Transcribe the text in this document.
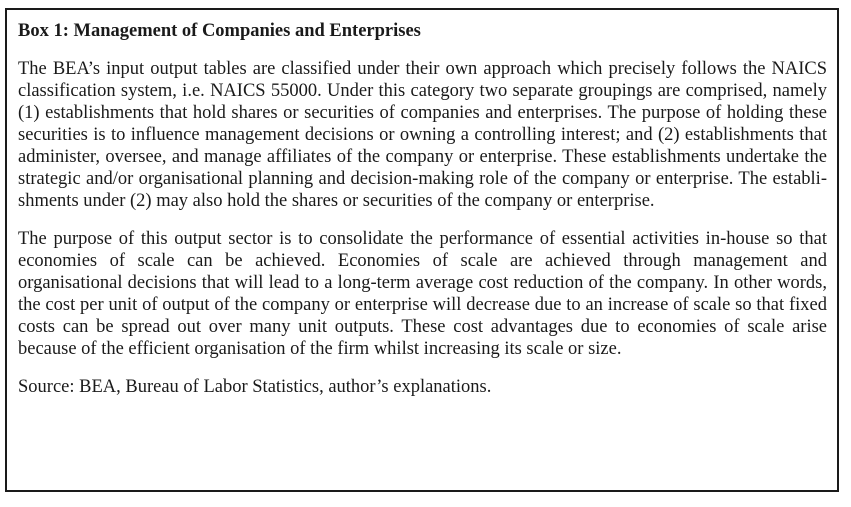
Box 1: Management of Companies and Enterprises

The BEA’s input output tables are classified under their own approach which precisely follows the NAICS classification system, i.e. NAICS 55000. Under this category two separate groupings are comprised, namely (1) establishments that hold shares or securities of companies and enterprises. The purpose of holding these securities is to influence management decisions or owning a controlling interest; and (2) establishments that administer, oversee, and manage affiliates of the company or enterprise. These establishments undertake the strategic and/or organisational planning and decision-making role of the company or enterprise. The establishments under (2) may also hold the shares or securities of the company or enterprise.

The purpose of this output sector is to consolidate the performance of essential activities in-house so that economies of scale can be achieved. Economies of scale are achieved through management and organisational decisions that will lead to a long-term average cost reduction of the company. In other words, the cost per unit of output of the company or enterprise will decrease due to an increase of scale so that fixed costs can be spread out over many unit outputs. These cost advantages due to economies of scale arise because of the efficient organisation of the firm whilst increasing its scale or size.

Source: BEA, Bureau of Labor Statistics, author’s explanations.
